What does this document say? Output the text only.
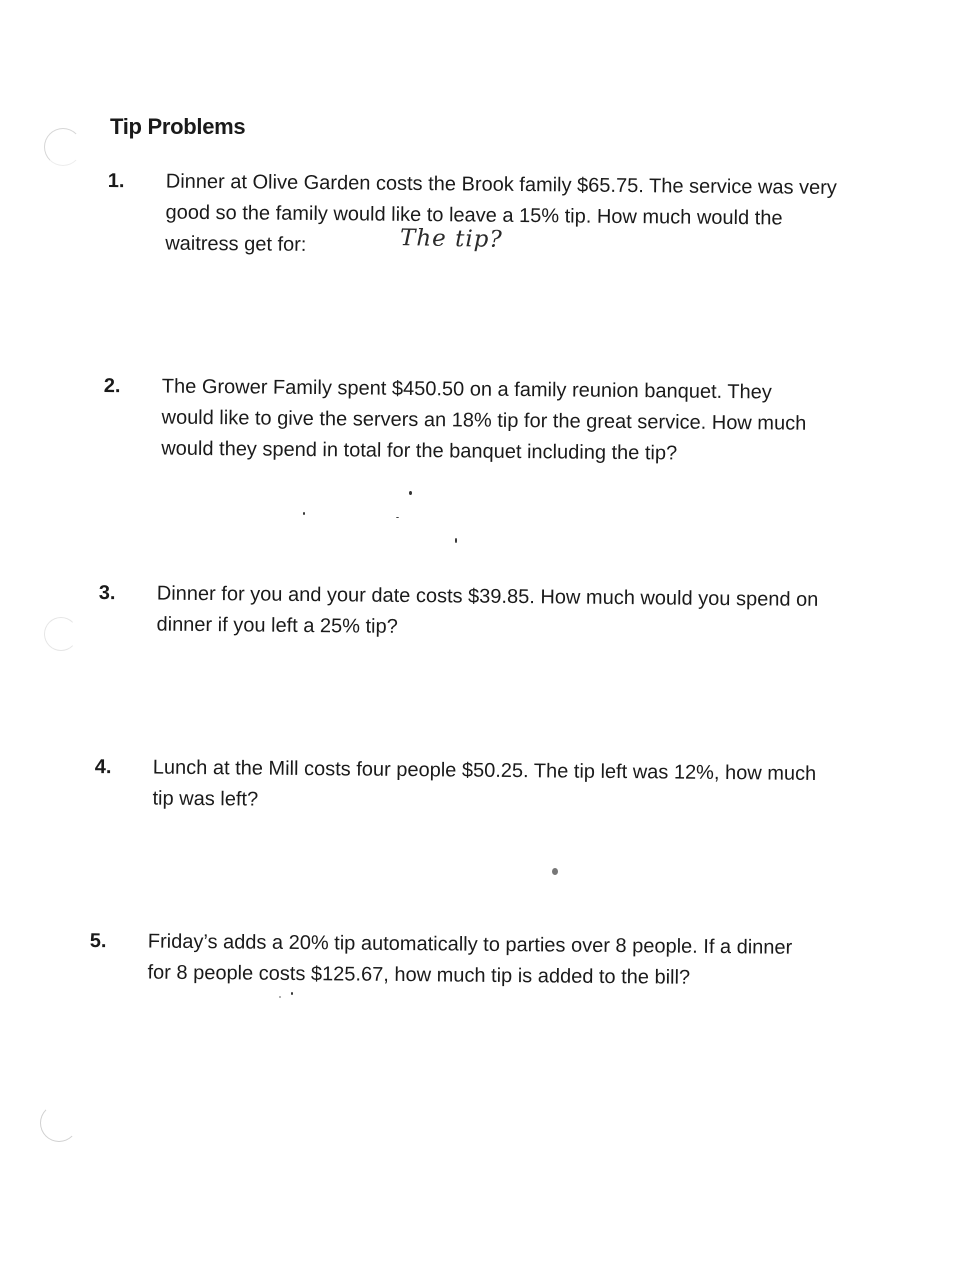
Tip Problems
1. Dinner at Olive Garden costs the Brook family $65.75. The service was very
good so the family would like to leave a 15% tip. How much would the
waitress get for:	The tip?
2. The Grower Family spent $450.50 on a family reunion banquet. They
would like to give the servers an 18% tip for the great service. How much
would they spend in total for the banquet including the tip?
3. Dinner for you and your date costs $39.85. How much would you spend on
dinner if you left a 25% tip?
4. Lunch at the Mill costs four people $50.25. The tip left was 12%, how much
tip was left?
5. Friday’s adds a 20% tip automatically to parties over 8 people. If a dinner
for 8 people costs $125.67, how much tip is added to the bill?
